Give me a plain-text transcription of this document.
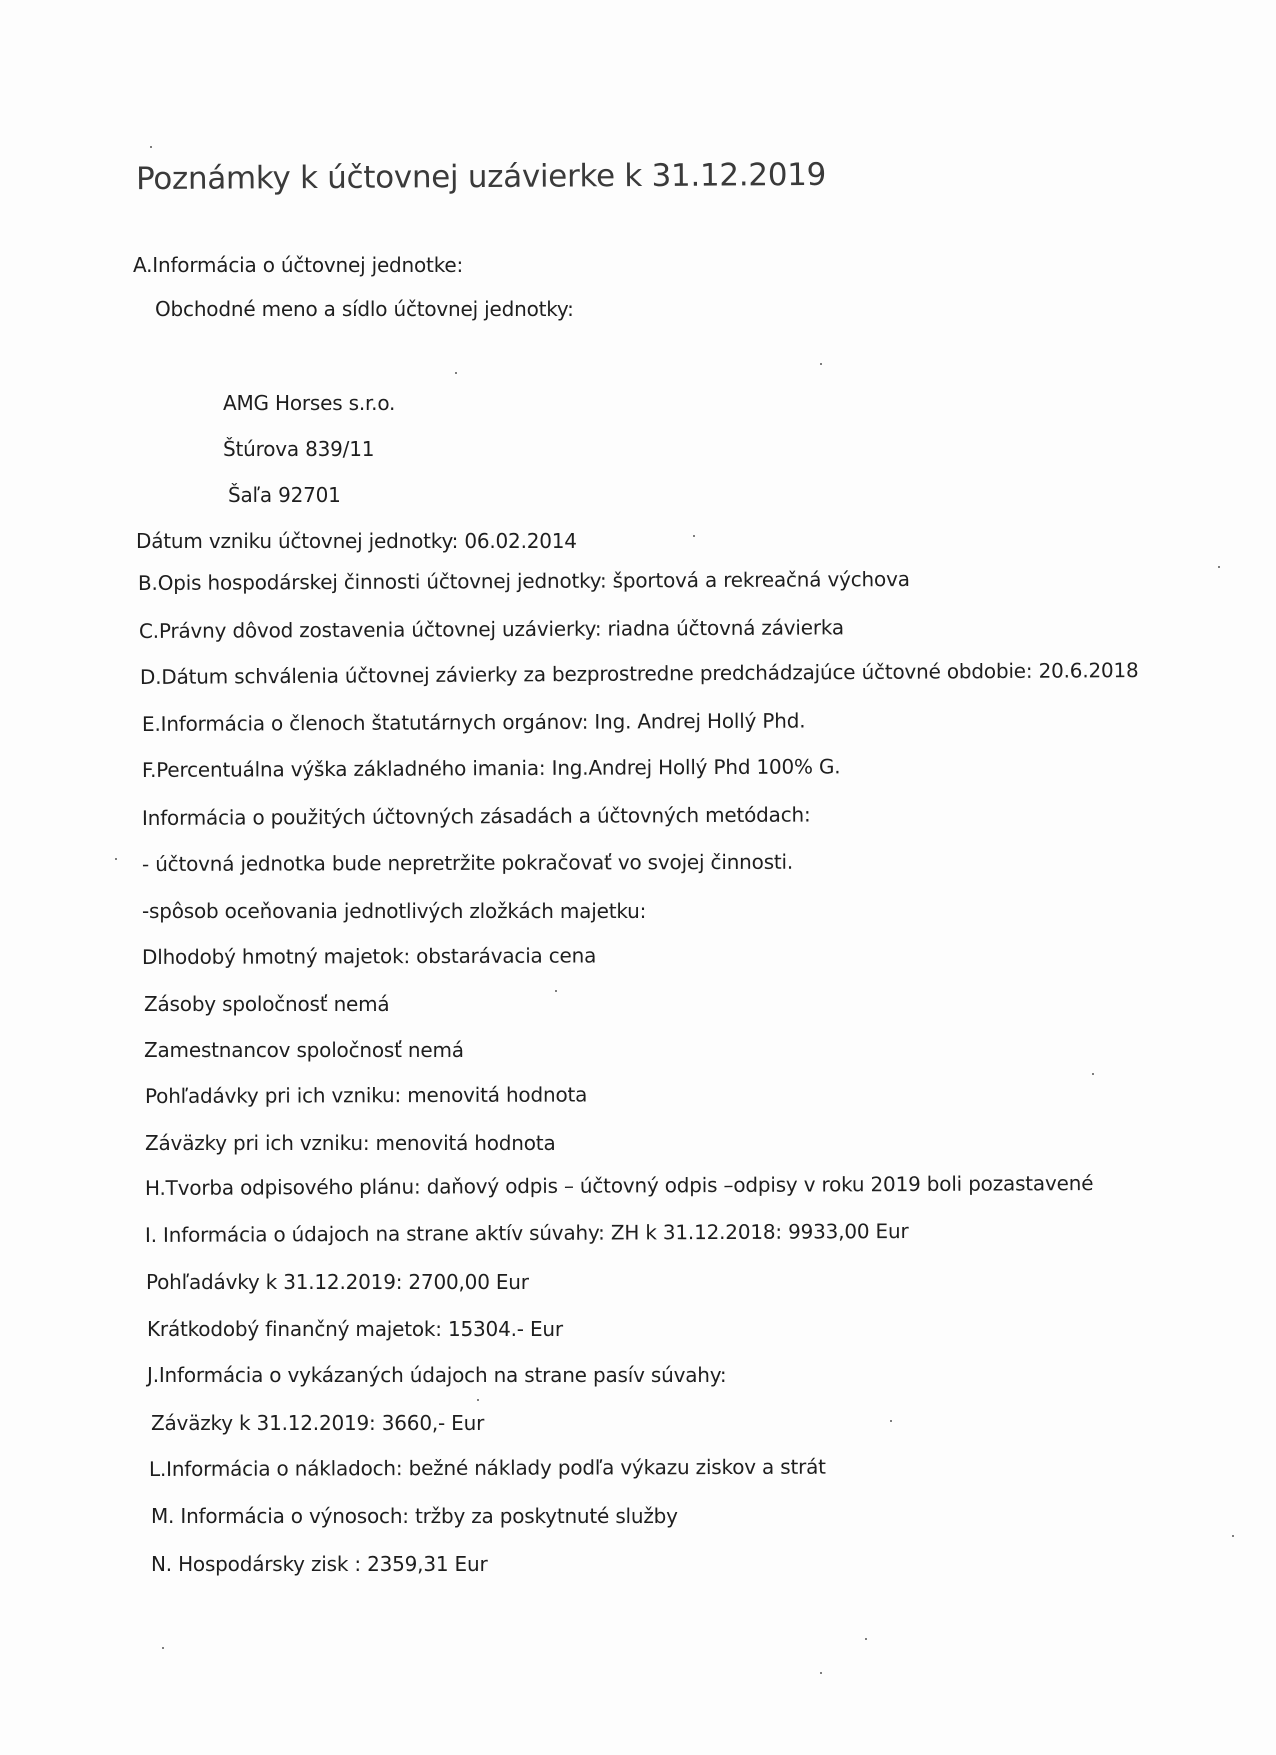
Poznámky k účtovnej uzávierke k 31.12.2019
A.Informácia o účtovnej jednotke:
Obchodné meno a sídlo účtovnej jednotky:
AMG Horses s.r.o.
Štúrova 839/11
Šaľa 92701
Dátum vzniku účtovnej jednotky: 06.02.2014
B.Opis hospodárskej činnosti účtovnej jednotky: športová a rekreačná výchova
C.Právny dôvod zostavenia účtovnej uzávierky: riadna účtovná závierka
D.Dátum schválenia účtovnej závierky za bezprostredne predchádzajúce účtovné obdobie: 20.6.2018
E.Informácia o členoch štatutárnych orgánov: Ing. Andrej Hollý Phd.
F.Percentuálna výška základného imania: Ing.Andrej Hollý Phd 100% G.
Informácia o použitých účtovných zásadách a účtovných metódach:
- účtovná jednotka bude nepretržite pokračovať vo svojej činnosti.
-spôsob oceňovania jednotlivých zložkách majetku:
Dlhodobý hmotný majetok: obstarávacia cena
Zásoby spoločnosť nemá
Zamestnancov spoločnosť nemá
Pohľadávky pri ich vzniku: menovitá hodnota
Záväzky pri ich vzniku: menovitá hodnota
H.Tvorba odpisového plánu: daňový odpis – účtovný odpis –odpisy v roku 2019 boli pozastavené
I. Informácia o údajoch na strane aktív súvahy: ZH k 31.12.2018: 9933,00 Eur
Pohľadávky k 31.12.2019: 2700,00 Eur
Krátkodobý finančný majetok: 15304.- Eur
J.Informácia o vykázaných údajoch na strane pasív súvahy:
Záväzky k 31.12.2019: 3660,- Eur
L.Informácia o nákladoch: bežné náklady podľa výkazu ziskov a strát
M. Informácia o výnosoch: tržby za poskytnuté služby
N. Hospodársky zisk : 2359,31 Eur
